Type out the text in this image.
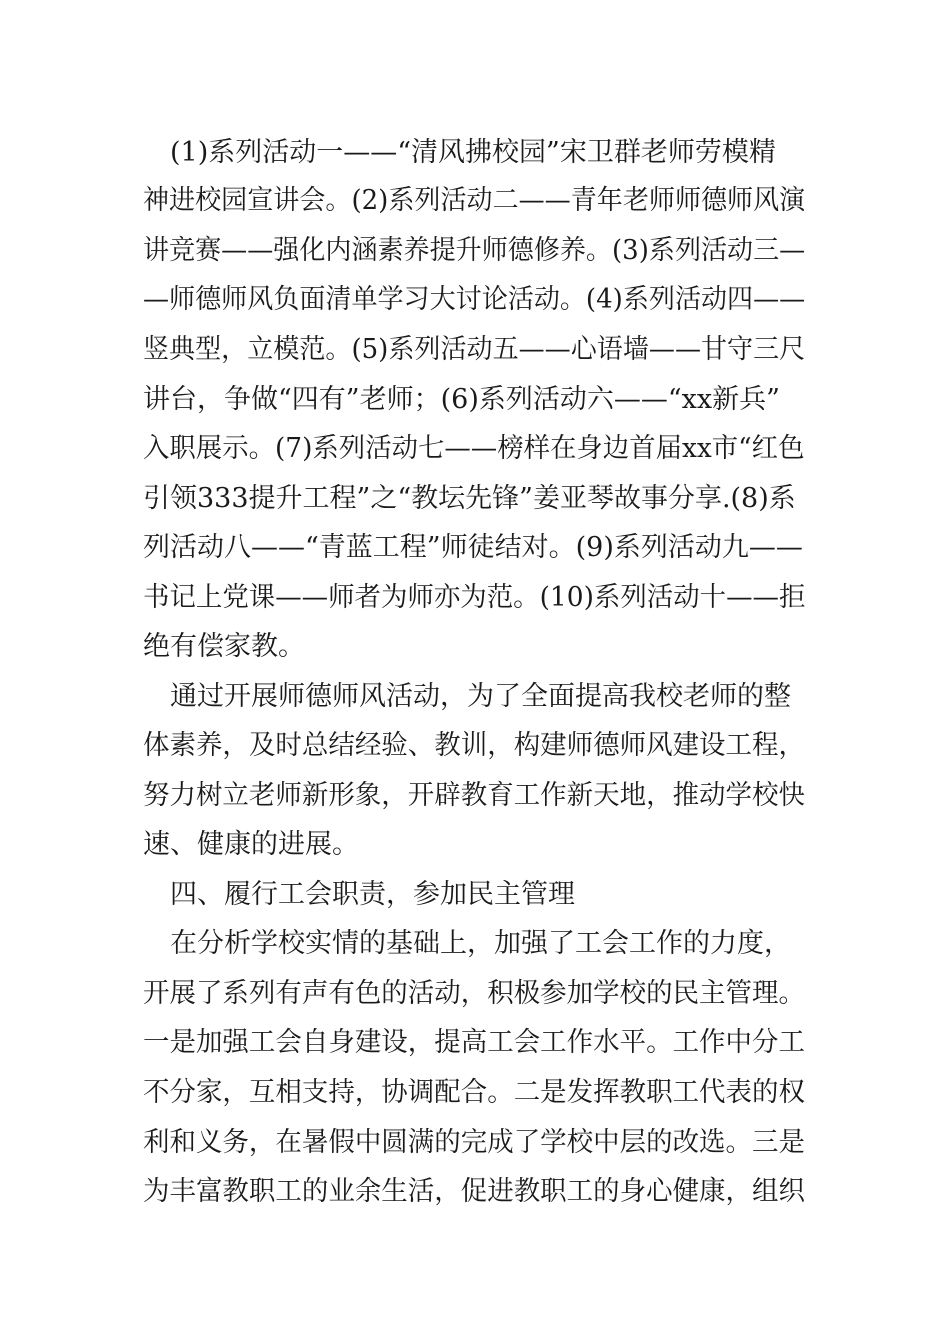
　(1)系列活动一——“清风拂校园”宋卫群老师劳模精
神进校园宣讲会。(2)系列活动二——青年老师师德师风演
讲竞赛——强化内涵素养提升师德修养。(3)系列活动三—
—师德师风负面清单学习大讨论活动。(4)系列活动四——
竖典型，立模范。(5)系列活动五——心语墙——甘守三尺
讲台，争做“四有”老师；(6)系列活动六——“xx新兵”
入职展示。(7)系列活动七——榜样在身边首届xx市“红色
引领333提升工程”之“教坛先锋”姜亚琴故事分享.(8)系
列活动八——“青蓝工程”师徒结对。(9)系列活动九——
书记上党课——师者为师亦为范。(10)系列活动十——拒
绝有偿家教。
　通过开展师德师风活动，为了全面提高我校老师的整
体素养，及时总结经验、教训，构建师德师风建设工程，
努力树立老师新形象，开辟教育工作新天地，推动学校快
速、健康的进展。
　四、履行工会职责，参加民主管理
　在分析学校实情的基础上，加强了工会工作的力度，
开展了系列有声有色的活动，积极参加学校的民主管理。
一是加强工会自身建设，提高工会工作水平。工作中分工
不分家，互相支持，协调配合。二是发挥教职工代表的权
利和义务，在暑假中圆满的完成了学校中层的改选。三是
为丰富教职工的业余生活，促进教职工的身心健康，组织
